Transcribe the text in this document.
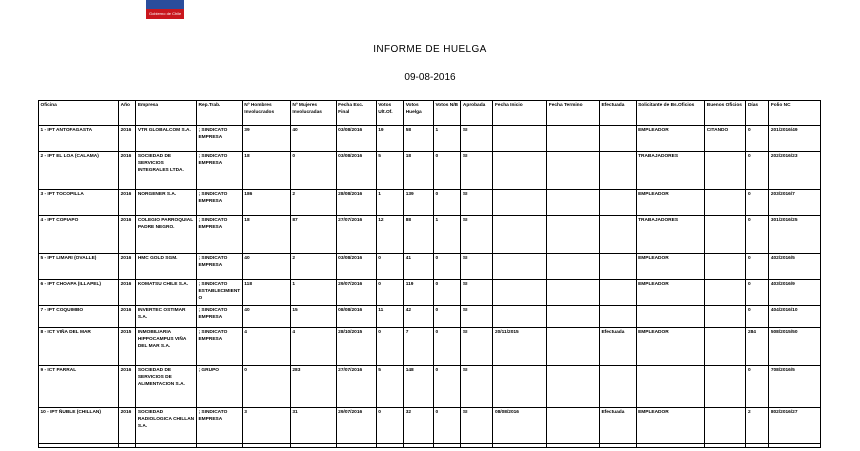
Gobierno de Chile
INFORME DE HUELGA
09-08-2016
Oficina	Año	Empresa	Rep.Trab.	Nº Hombres Involucrados	Nº Mujeres Involucradas	Fecha Exc. Final	Votos Ult.Of.	Votos Huelga	Votos N/B	Aprobada	Fecha Inicio	Fecha Termino	Efectuada	Solicitante de Bs.Oficios	Buenos Oficios	Días	Folio NC
1 - IPT ANTOFAGASTA	2016	VTR GLOBALCOM S.A.	; SINDICATO EMPRESA	39	40	03/08/2016	19	58	1	SI				EMPLEADOR	CITANDO	0	201/2016/49
2 - IPT EL LOA (CALAMA)	2016	SOCIEDAD DE SERVICIOS INTEGRALES LTDA.	; SINDICATO EMPRESA	18	0	03/08/2016	5	18	0	SI				TRABAJADORES		0	202/2016/23
3 - IPT TOCOPILLA	2016	NORGENER S.A.	; SINDICATO EMPRESA	186	2	28/08/2016	1	139	0	SI				EMPLEADOR		0	203/2016/7
4 - IPT COPIAPO	2016	COLEGIO PARROQUIAL PADRE NEGRO.	; SINDICATO EMPRESA	18	87	27/07/2016	12	88	1	SI				TRABAJADORES		0	301/2016/25
5 - IPT LIMARI (OVALLE)	2016	HMC GOLD SGM.	; SINDICATO EMPRESA	40	2	03/08/2016	0	41	0	SI				EMPLEADOR		0	402/2016/5
6 - IPT CHOAPA (ILLAPEL)	2016	KOMATSU CHILE S.A.	; SINDICATO ESTABLECIMIENTO	118	1	29/07/2016	0	119	0	SI				EMPLEADOR		0	403/2016/9
7 - IPT COQUIMBO	2016	INVERTEC OSTIMAR S.A.	; SINDICATO EMPRESA	40	15	08/08/2016	11	42	0	SI						0	404/2016/10
8 - ICT VIÑA DEL MAR	2015	INMOBILIARIA HIPPOCAMPUS VIÑA DEL MAR S.A.	; SINDICATO EMPRESA	4	4	28/10/2015	0	7	0	SI	20/11/2015		Efectuada	EMPLEADOR		284	508/2015/50
9 - ICT PARRAL	2016	SOCIEDAD DE SERVICIOS DE ALIMENTACION S.A.	; GRUPO	0	283	27/07/2016	5	148	0	SI						0	708/2016/5
10 - IPT ÑUBLE (CHILLAN)	2016	SOCIEDAD RADIOLOGICA CHILLAN S.A.	; SINDICATO EMPRESA	3	31	29/07/2016	0	32	0	SI	08/08/2016		Efectuada	EMPLEADOR		2	802/2016/27
